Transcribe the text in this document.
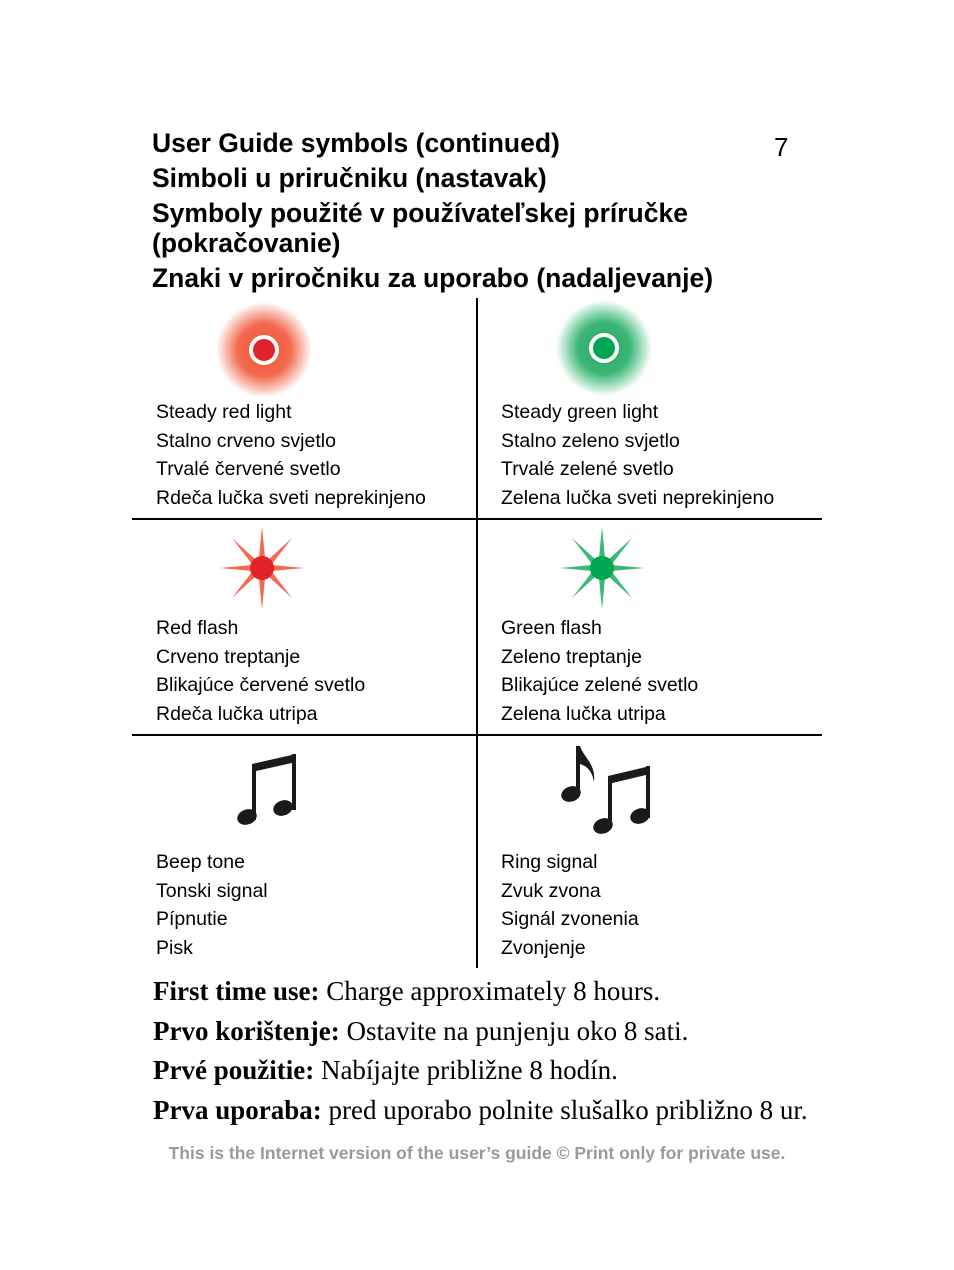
7
User Guide symbols (continued)
Simboli u priručniku (nastavak)
Symboly použité v používateľskej príručke
(pokračovanie)
Znaki v priročniku za uporabo (nadaljevanje)
Steady red light
Stalno crveno svjetlo
Trvalé červené svetlo
Rdeča lučka sveti neprekinjeno
Steady green light
Stalno zeleno svjetlo
Trvalé zelené svetlo
Zelena lučka sveti neprekinjeno
Red flash
Crveno treptanje
Blikajúce červené svetlo
Rdeča lučka utripa
Green flash
Zeleno treptanje
Blikajúce zelené svetlo
Zelena lučka utripa
Beep tone
Tonski signal
Pípnutie
Pisk
Ring signal
Zvuk zvona
Signál zvonenia
Zvonjenje
First time use: Charge approximately 8 hours.
Prvo korištenje: Ostavite na punjenju oko 8 sati.
Prvé použitie: Nabíjajte približne 8 hodín.
Prva uporaba: pred uporabo polnite slušalko približno 8 ur.
This is the Internet version of the user’s guide © Print only for private use.
